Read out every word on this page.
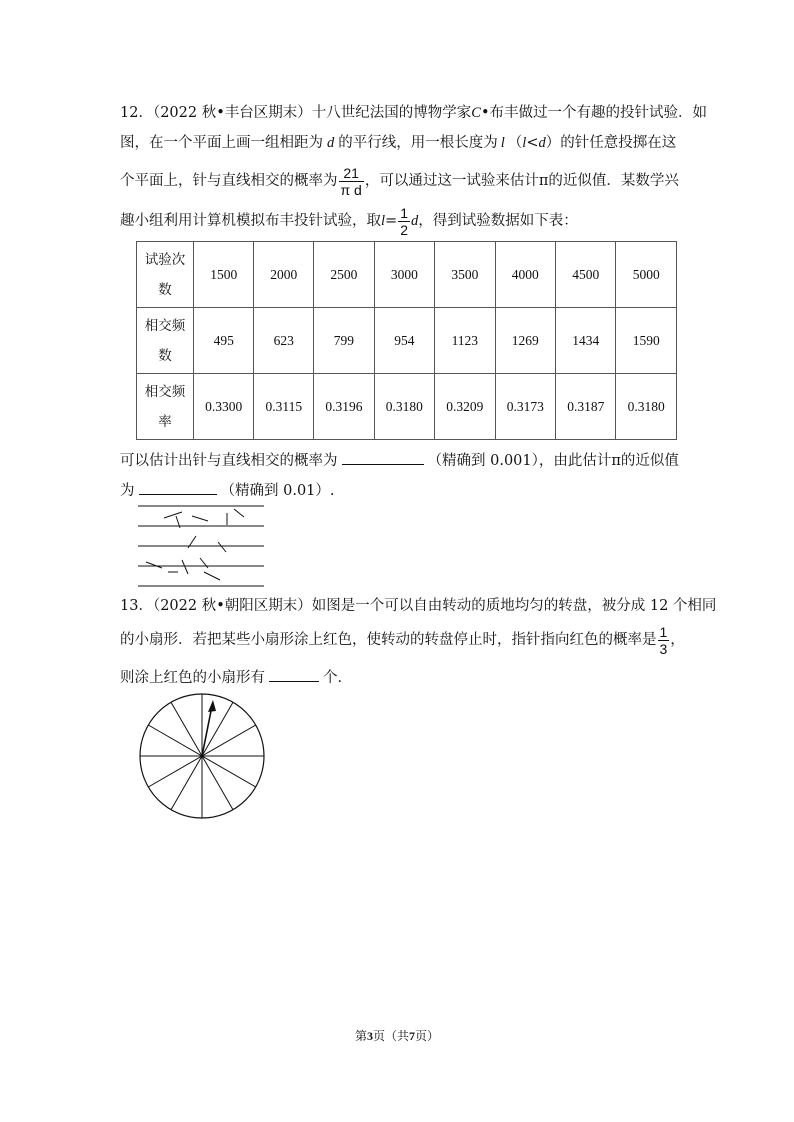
12．（2022 秋•丰台区期末）十八世纪法国的博物学家C•布丰做过一个有趣的投针试验．如
图，在一个平面上画一组相距为 d 的平行线，用一根长度为 l （l<d）的针任意投掷在这
个平面上，针与直线相交的概率为 $\frac{21}{\text{π d}}$ ，可以通过这一试验来估计π的近似值．某数学兴
趣小组利用计算机模拟布丰投针试验，取$l= \frac{1}{2}$ d，得到试验数据如下表：
试验次
数	1500	2000	2500	3000	3500	4000	4500	5000
相交频
数	495	623	799	954	1123	1269	1434	1590
相交频
率	0.3300	0.3115	0.3196	0.3180	0.3209	0.3173	0.3187	0.3180
可以估计出针与直线相交的概率为	（精确到 0.001），由此估计π的近似值
为	（精确到 0.01）.
13．（2022 秋•朝阳区期末）如图是一个可以自由转动的质地均匀的转盘，被分成 12 个相同
的小扇形．若把某些小扇形涂上红色，使转动的转盘停止时，指针指向红色的概率是 $\frac{1}{3}$ ，
则涂上红色的小扇形有	个．
第3页（共7页）
